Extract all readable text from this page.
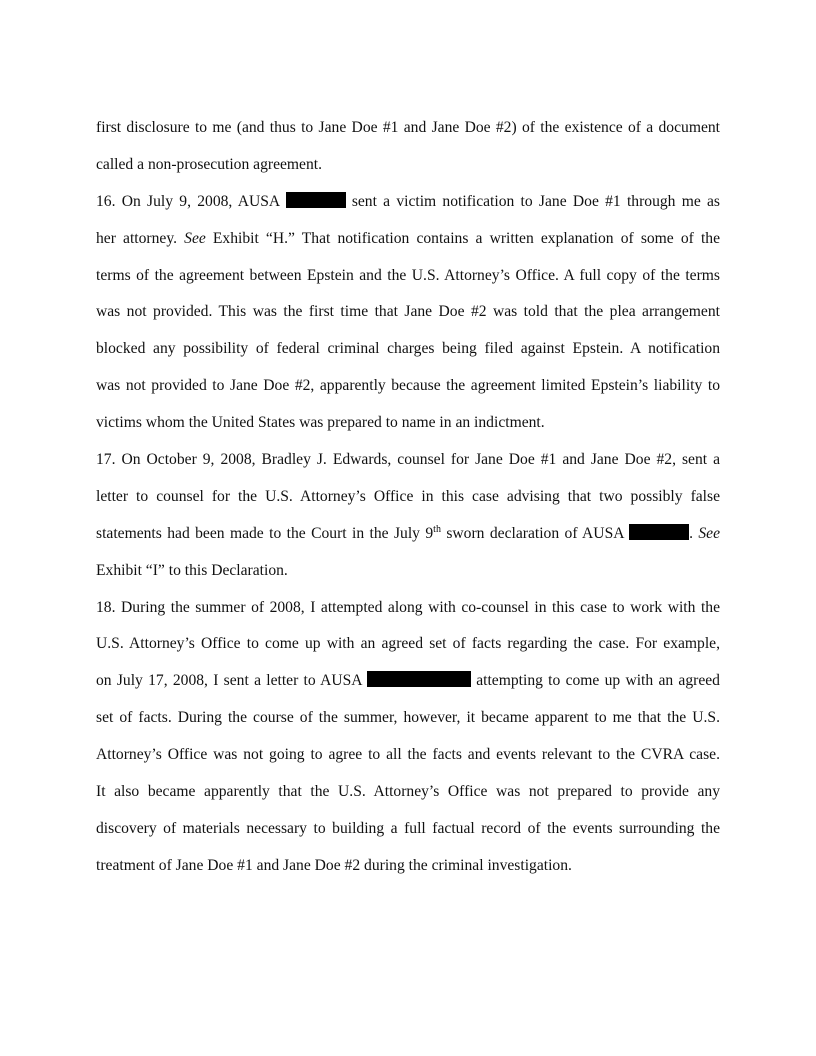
first disclosure to me (and thus to Jane Doe #1 and Jane Doe #2) of the existence of a document
called a non-prosecution agreement.
16. On July 9, 2008, AUSA	sent a victim notification to Jane Doe #1 through me as
her attorney. See Exhibit “H.” That notification contains a written explanation of some of the
terms of the agreement between Epstein and the U.S. Attorney’s Office. A full copy of the terms
was not provided. This was the first time that Jane Doe #2 was told that the plea arrangement
blocked any possibility of federal criminal charges being filed against Epstein. A notification
was not provided to Jane Doe #2, apparently because the agreement limited Epstein’s liability to
victims whom the United States was prepared to name in an indictment.
17. On October 9, 2008, Bradley J. Edwards, counsel for Jane Doe #1 and Jane Doe #2, sent a
letter to counsel for the U.S. Attorney’s Office in this case advising that two possibly false
statements had been made to the Court in the July 9th sworn declaration of AUSA	. See
Exhibit “I” to this Declaration.
18. During the summer of 2008, I attempted along with co-counsel in this case to work with the
U.S. Attorney’s Office to come up with an agreed set of facts regarding the case. For example,
on July 17, 2008, I sent a letter to AUSA	attempting to come up with an agreed
set of facts. During the course of the summer, however, it became apparent to me that the U.S.
Attorney’s Office was not going to agree to all the facts and events relevant to the CVRA case.
It also became apparently that the U.S. Attorney’s Office was not prepared to provide any
discovery of materials necessary to building a full factual record of the events surrounding the
treatment of Jane Doe #1 and Jane Doe #2 during the criminal investigation.
